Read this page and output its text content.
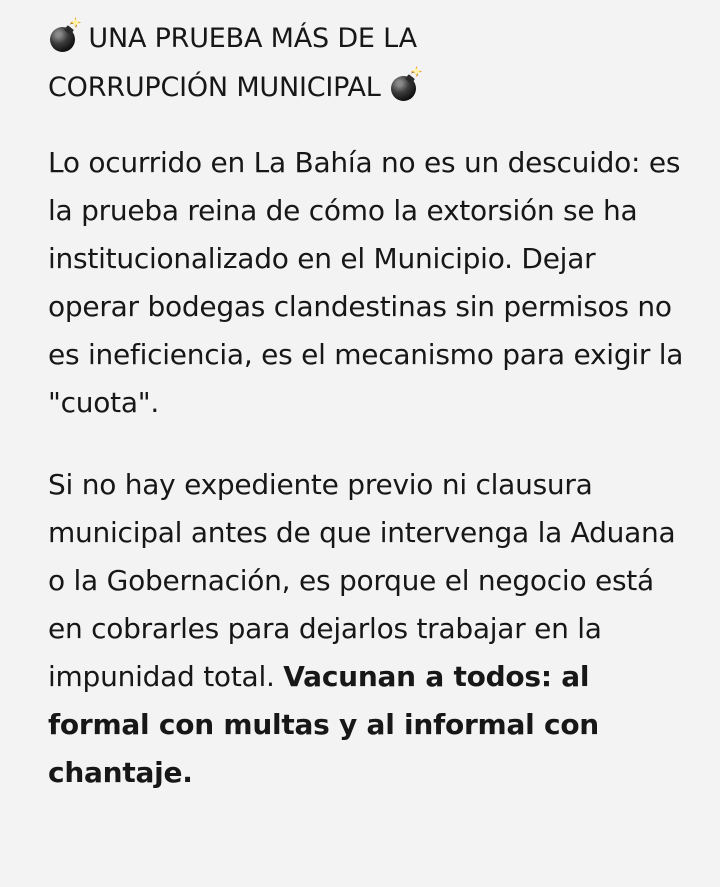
UNA PRUEBA MÁS DE LA
CORRUPCIÓN MUNICIPAL

Lo ocurrido en La Bahía no es un descuido: es la prueba reina de cómo la extorsión se ha institucionalizado en el Municipio. Dejar operar bodegas clandestinas sin permisos no es ineficiencia, es el mecanismo para exigir la "cuota".

Si no hay expediente previo ni clausura municipal antes de que intervenga la Aduana o la Gobernación, es porque el negocio está en cobrarles para dejarlos trabajar en la impunidad total. Vacunan a todos: al formal con multas y al informal con chantaje.
